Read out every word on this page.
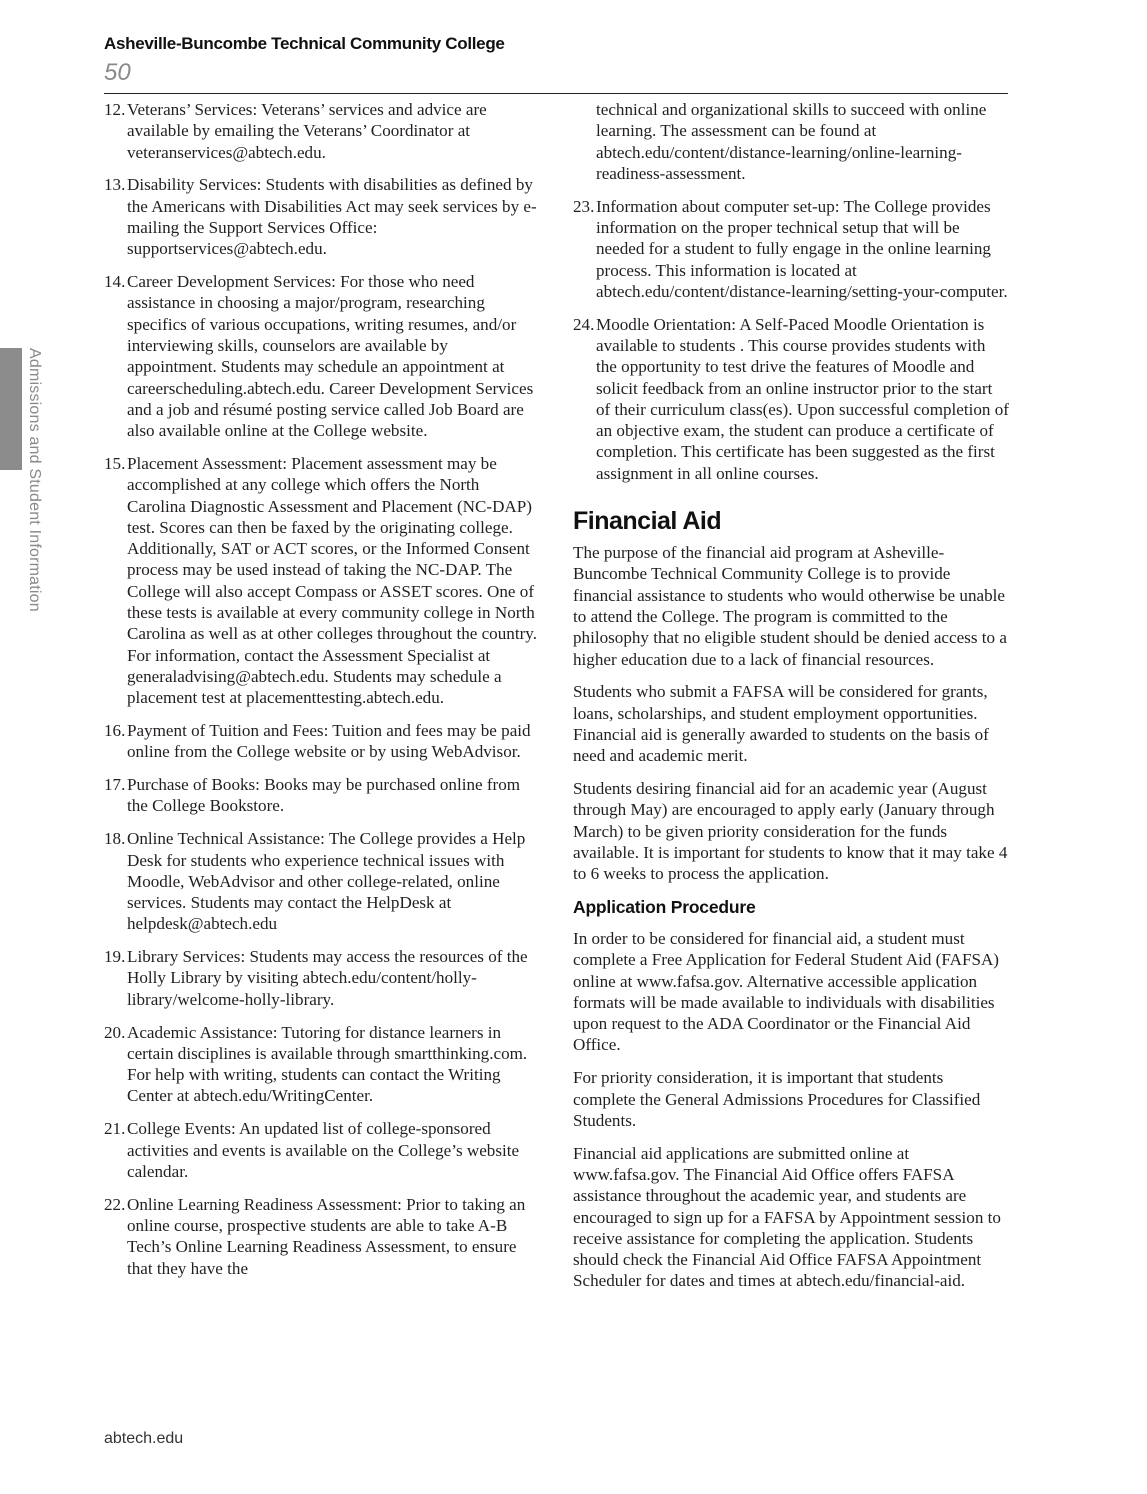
Asheville-Buncombe Technical Community College
50
Admissions and Student Information
12. Veterans’ Services: Veterans’ services and advice are available by emailing the Veterans’ Coordinator at veteranservices@abtech.edu.
13. Disability Services: Students with disabilities as defined by the Americans with Disabilities Act may seek services by e-mailing the Support Services Office: supportservices@abtech.edu.
14. Career Development Services: For those who need assistance in choosing a major/program, researching specifics of various occupations, writing resumes, and/or interviewing skills, counselors are available by appointment. Students may schedule an appointment at careerscheduling.abtech.edu. Career Development Services and a job and résumé posting service called Job Board are also available online at the College website.
15. Placement Assessment: Placement assessment may be accomplished at any college which offers the North Carolina Diagnostic Assessment and Placement (NC-DAP) test. Scores can then be faxed by the originating college. Additionally, SAT or ACT scores, or the Informed Consent process may be used instead of taking the NC-DAP. The College will also accept Compass or ASSET scores. One of these tests is available at every community college in North Carolina as well as at other colleges throughout the country. For information, contact the Assessment Specialist at generaladvising@abtech.edu. Students may schedule a placement test at placementtesting.abtech.edu.
16. Payment of Tuition and Fees: Tuition and fees may be paid online from the College website or by using WebAdvisor.
17. Purchase of Books: Books may be purchased online from the College Bookstore.
18. Online Technical Assistance: The College provides a Help Desk for students who experience technical issues with Moodle, WebAdvisor and other college-related, online services. Students may contact the HelpDesk at helpdesk@abtech.edu
19. Library Services: Students may access the resources of the Holly Library by visiting abtech.edu/content/holly-library/welcome-holly-library.
20. Academic Assistance: Tutoring for distance learners in certain disciplines is available through smartthinking.com. For help with writing, students can contact the Writing Center at abtech.edu/WritingCenter.
21. College Events: An updated list of college-sponsored activities and events is available on the College’s website calendar.
22. Online Learning Readiness Assessment: Prior to taking an online course, prospective students are able to take A-B Tech’s Online Learning Readiness Assessment, to ensure that they have the
technical and organizational skills to succeed with online learning. The assessment can be found at abtech.edu/content/distance-learning/online-learning-readiness-assessment.
23. Information about computer set-up: The College provides information on the proper technical setup that will be needed for a student to fully engage in the online learning process. This information is located at abtech.edu/content/distance-learning/setting-your-computer.
24. Moodle Orientation: A Self-Paced Moodle Orientation is available to students . This course provides students with the opportunity to test drive the features of Moodle and solicit feedback from an online instructor prior to the start of their curriculum class(es). Upon successful completion of an objective exam, the student can produce a certificate of completion. This certificate has been suggested as the first assignment in all online courses.
Financial Aid

The purpose of the financial aid program at Asheville-Buncombe Technical Community College is to provide financial assistance to students who would otherwise be unable to attend the College. The program is committed to the philosophy that no eligible student should be denied access to a higher education due to a lack of financial resources.

Students who submit a FAFSA will be considered for grants, loans, scholarships, and student employment opportunities. Financial aid is generally awarded to students on the basis of need and academic merit.

Students desiring financial aid for an academic year (August through May) are encouraged to apply early (January through March) to be given priority consideration for the funds available. It is important for students to know that it may take 4 to 6 weeks to process the application.

Application Procedure

In order to be considered for financial aid, a student must complete a Free Application for Federal Student Aid (FAFSA) online at www.fafsa.gov. Alternative accessible application formats will be made available to individuals with disabilities upon request to the ADA Coordinator or the Financial Aid Office.

For priority consideration, it is important that students complete the General Admissions Procedures for Classified Students.

Financial aid applications are submitted online at www.fafsa.gov. The Financial Aid Office offers FAFSA assistance throughout the academic year, and students are encouraged to sign up for a FAFSA by Appointment session to receive assistance for completing the application. Students should check the Financial Aid Office FAFSA Appointment Scheduler for dates and times at abtech.edu/financial-aid.

abtech.edu
